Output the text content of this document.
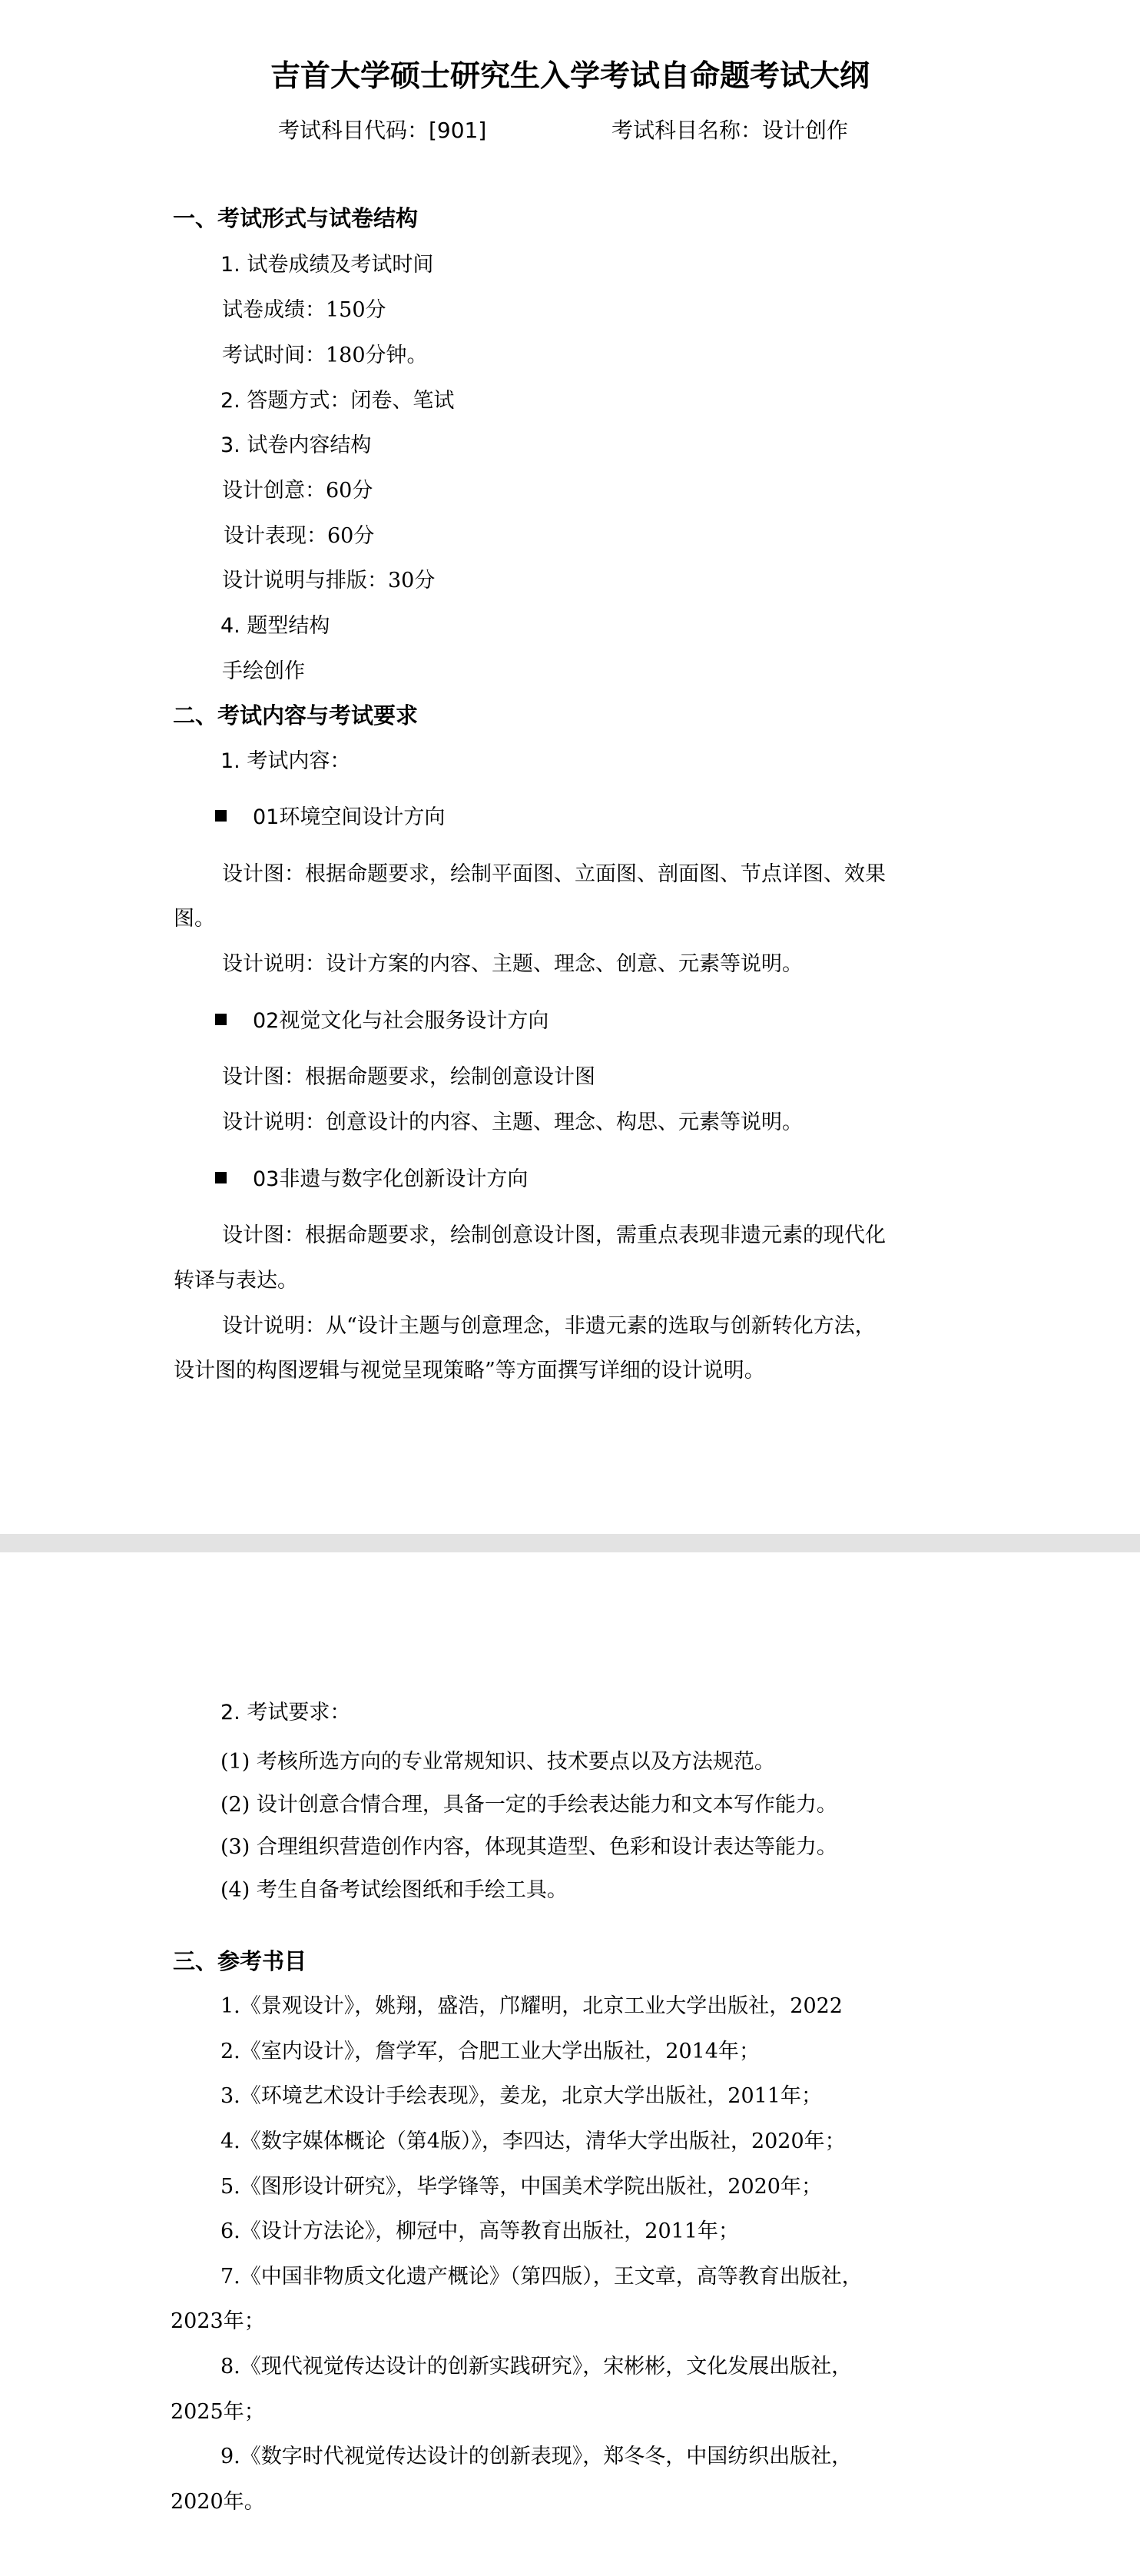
吉首大学硕士研究生入学考试自命题考试大纲
考试科目代码：[901]	考试科目名称：设计创作
一、考试形式与试卷结构
1. 试卷成绩及考试时间
试卷成绩：150分
考试时间：180分钟。
2. 答题方式：闭卷、笔试
3. 试卷内容结构
设计创意：60分
设计表现：60分
设计说明与排版：30分
4. 题型结构
手绘创作
二、考试内容与考试要求
1. 考试内容：
01环境空间设计方向
设计图：根据命题要求，绘制平面图、立面图、剖面图、节点详图、效果
图。
设计说明：设计方案的内容、主题、理念、创意、元素等说明。
02视觉文化与社会服务设计方向
设计图：根据命题要求，绘制创意设计图
设计说明：创意设计的内容、主题、理念、构思、元素等说明。
03非遗与数字化创新设计方向
设计图：根据命题要求，绘制创意设计图，需重点表现非遗元素的现代化
转译与表达。
设计说明：从“设计主题与创意理念，非遗元素的选取与创新转化方法，
设计图的构图逻辑与视觉呈现策略”等方面撰写详细的设计说明。
2. 考试要求：
(1) 考核所选方向的专业常规知识、技术要点以及方法规范。
(2) 设计创意合情合理，具备一定的手绘表达能力和文本写作能力。
(3) 合理组织营造创作内容，体现其造型、色彩和设计表达等能力。
(4) 考生自备考试绘图纸和手绘工具。
三、参考书目
1.《景观设计》，姚翔，盛浩，邝耀明，北京工业大学出版社，2022
2.《室内设计》，詹学军，合肥工业大学出版社，2014年；
3.《环境艺术设计手绘表现》，姜龙，北京大学出版社，2011年；
4.《数字媒体概论（第4版）》，李四达，清华大学出版社，2020年；
5.《图形设计研究》，毕学锋等，中国美术学院出版社，2020年；
6.《设计方法论》，柳冠中，高等教育出版社，2011年；
7.《中国非物质文化遗产概论》（第四版），王文章，高等教育出版社，
2023年；
8.《现代视觉传达设计的创新实践研究》，宋彬彬，文化发展出版社，
2025年；
9.《数字时代视觉传达设计的创新表现》，郑冬冬，中国纺织出版社，
2020年。
